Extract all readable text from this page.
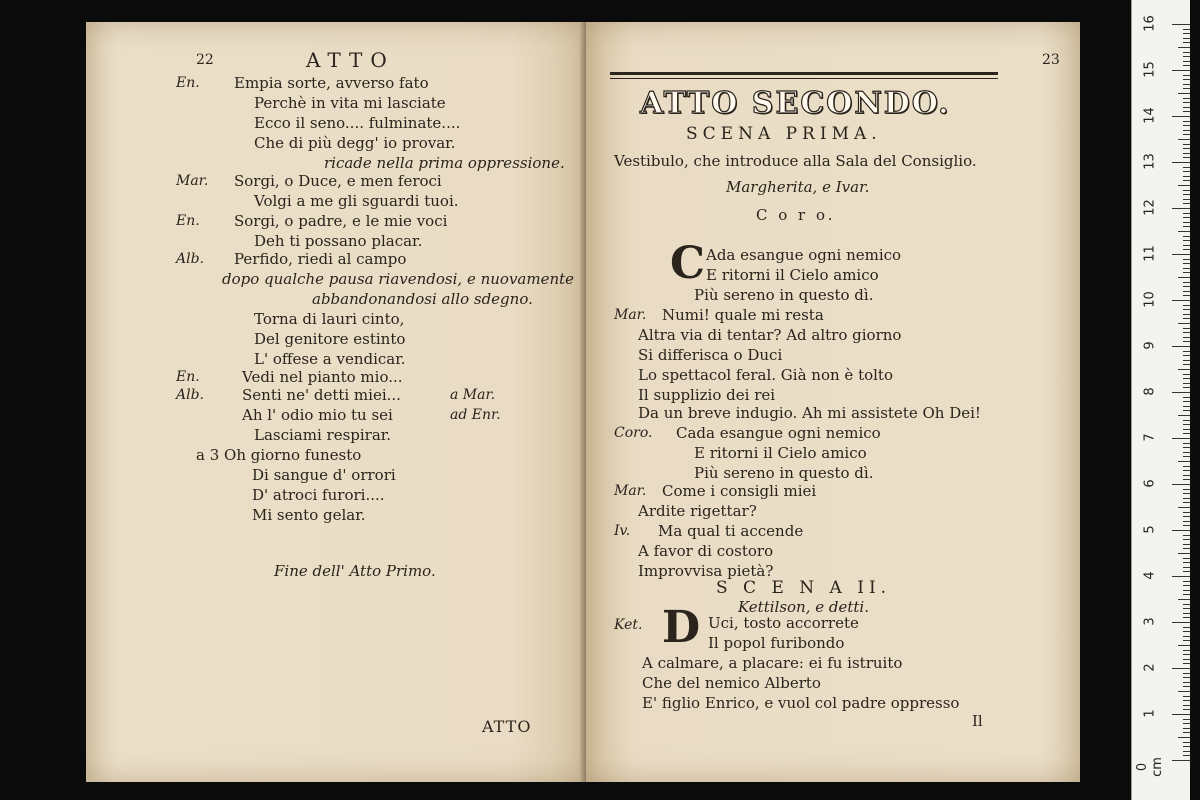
22	ATTO
En. Empia sorte, avverso fato
Perchè in vita mi lasciate
Ecco il seno.... fulminate....
Che di più degg' io provar.
ricade nella prima oppressione.
Mar. Sorgi, o Duce, e men feroci
Volgi a me gli sguardi tuoi.
En. Sorgi, o padre, e le mie voci
Deh ti possano placar.
Alb. Perfido, riedi al campo
dopo qualche pausa riavendosi, e nuovamente
abbandonandosi allo sdegno.
Torna di lauri cinto,
Del genitore estinto
L' offese a vendicar.
En.	Vedi nel pianto mio...
Alb.	Senti ne' detti miei...
Ah l' odio mio tu sei
Lasciami respirar.
a 3 Oh giorno funesto
Di sangue d' orrori
D' atroci furori....
Mi sento gelar.
a Mar.
ad Enr.
Fine dell' Atto Primo.
ATTO
23
ATTO SECONDO.
SCENA PRIMA.
Vestibulo, che introduce alla Sala del Consiglio.
Margherita, e Ivar.
C o r o.
C Ada esangue ogni nemico
E ritorni il Cielo amico
Più sereno in questo dì.
Mar. Numi! quale mi resta
Altra via di tentar? Ad altro giorno
Si differisca o Duci
Lo spettacol feral. Già non è tolto
Il supplizio dei rei
Da un breve indugio. Ah mi assistete Oh Dei!
Coro. Cada esangue ogni nemico
E ritorni il Cielo amico
Più sereno in questo dì.
Mar. Come i consigli miei
Ardite rigettar?
Iv. Ma qual ti accende
A favor di costoro
Improvvisa pietà?
S C E N A II.
Kettilson, e detti.
Ket. D Uci, tosto accorrete
Il popol furibondo
A calmare, a placare: ei fu istruito
Che del nemico Alberto
E' figlio Enrico, e vuol col padre oppresso
Il
0 cm
1
2
3
4
5
6
7
8
9
10
11
12
13
14
15
16
